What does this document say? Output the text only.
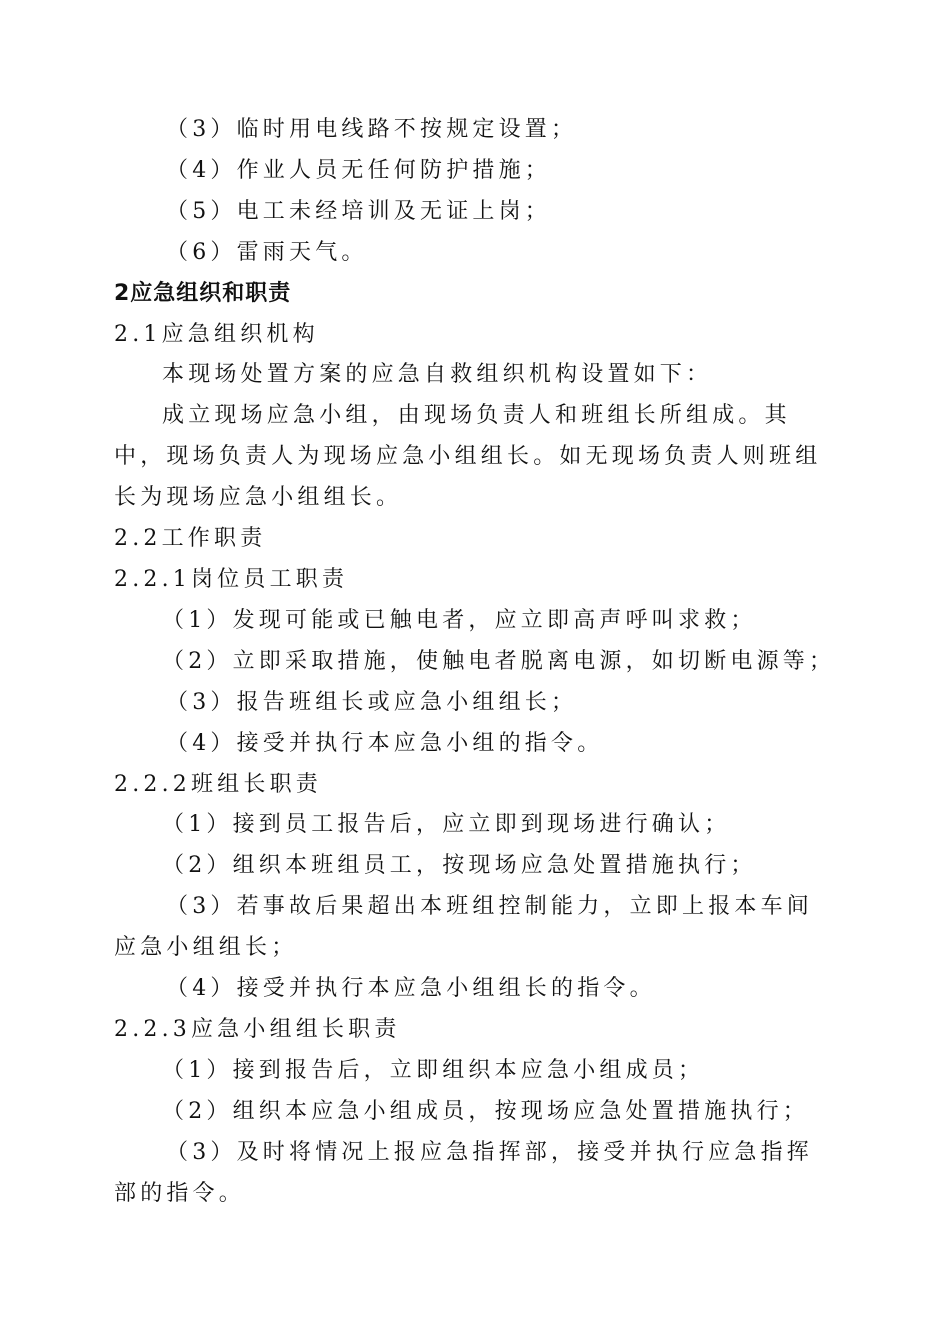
（3）临时用电线路不按规定设置；

（4）作业人员无任何防护措施；

（5）电工未经培训及无证上岗；

（6）雷雨天气。

2应急组织和职责

2.1应急组织机构

本现场处置方案的应急自救组织机构设置如下：

成立现场应急小组，由现场负责人和班组长所组成。其中，现场负责人为现场应急小组组长。如无现场负责人则班组长为现场应急小组组长。

2.2工作职责

2.2.1岗位员工职责

（1）发现可能或已触电者，应立即高声呼叫求救；

（2）立即采取措施，使触电者脱离电源，如切断电源等；

（3）报告班组长或应急小组组长；

（4）接受并执行本应急小组的指令。

2.2.2班组长职责

（1）接到员工报告后，应立即到现场进行确认；

（2）组织本班组员工，按现场应急处置措施执行；

（3）若事故后果超出本班组控制能力，立即上报本车间应急小组组长；

（4）接受并执行本应急小组组长的指令。

2.2.3应急小组组长职责

（1）接到报告后，立即组织本应急小组成员；

（2）组织本应急小组成员，按现场应急处置措施执行；

（3）及时将情况上报应急指挥部，接受并执行应急指挥部的指令。
